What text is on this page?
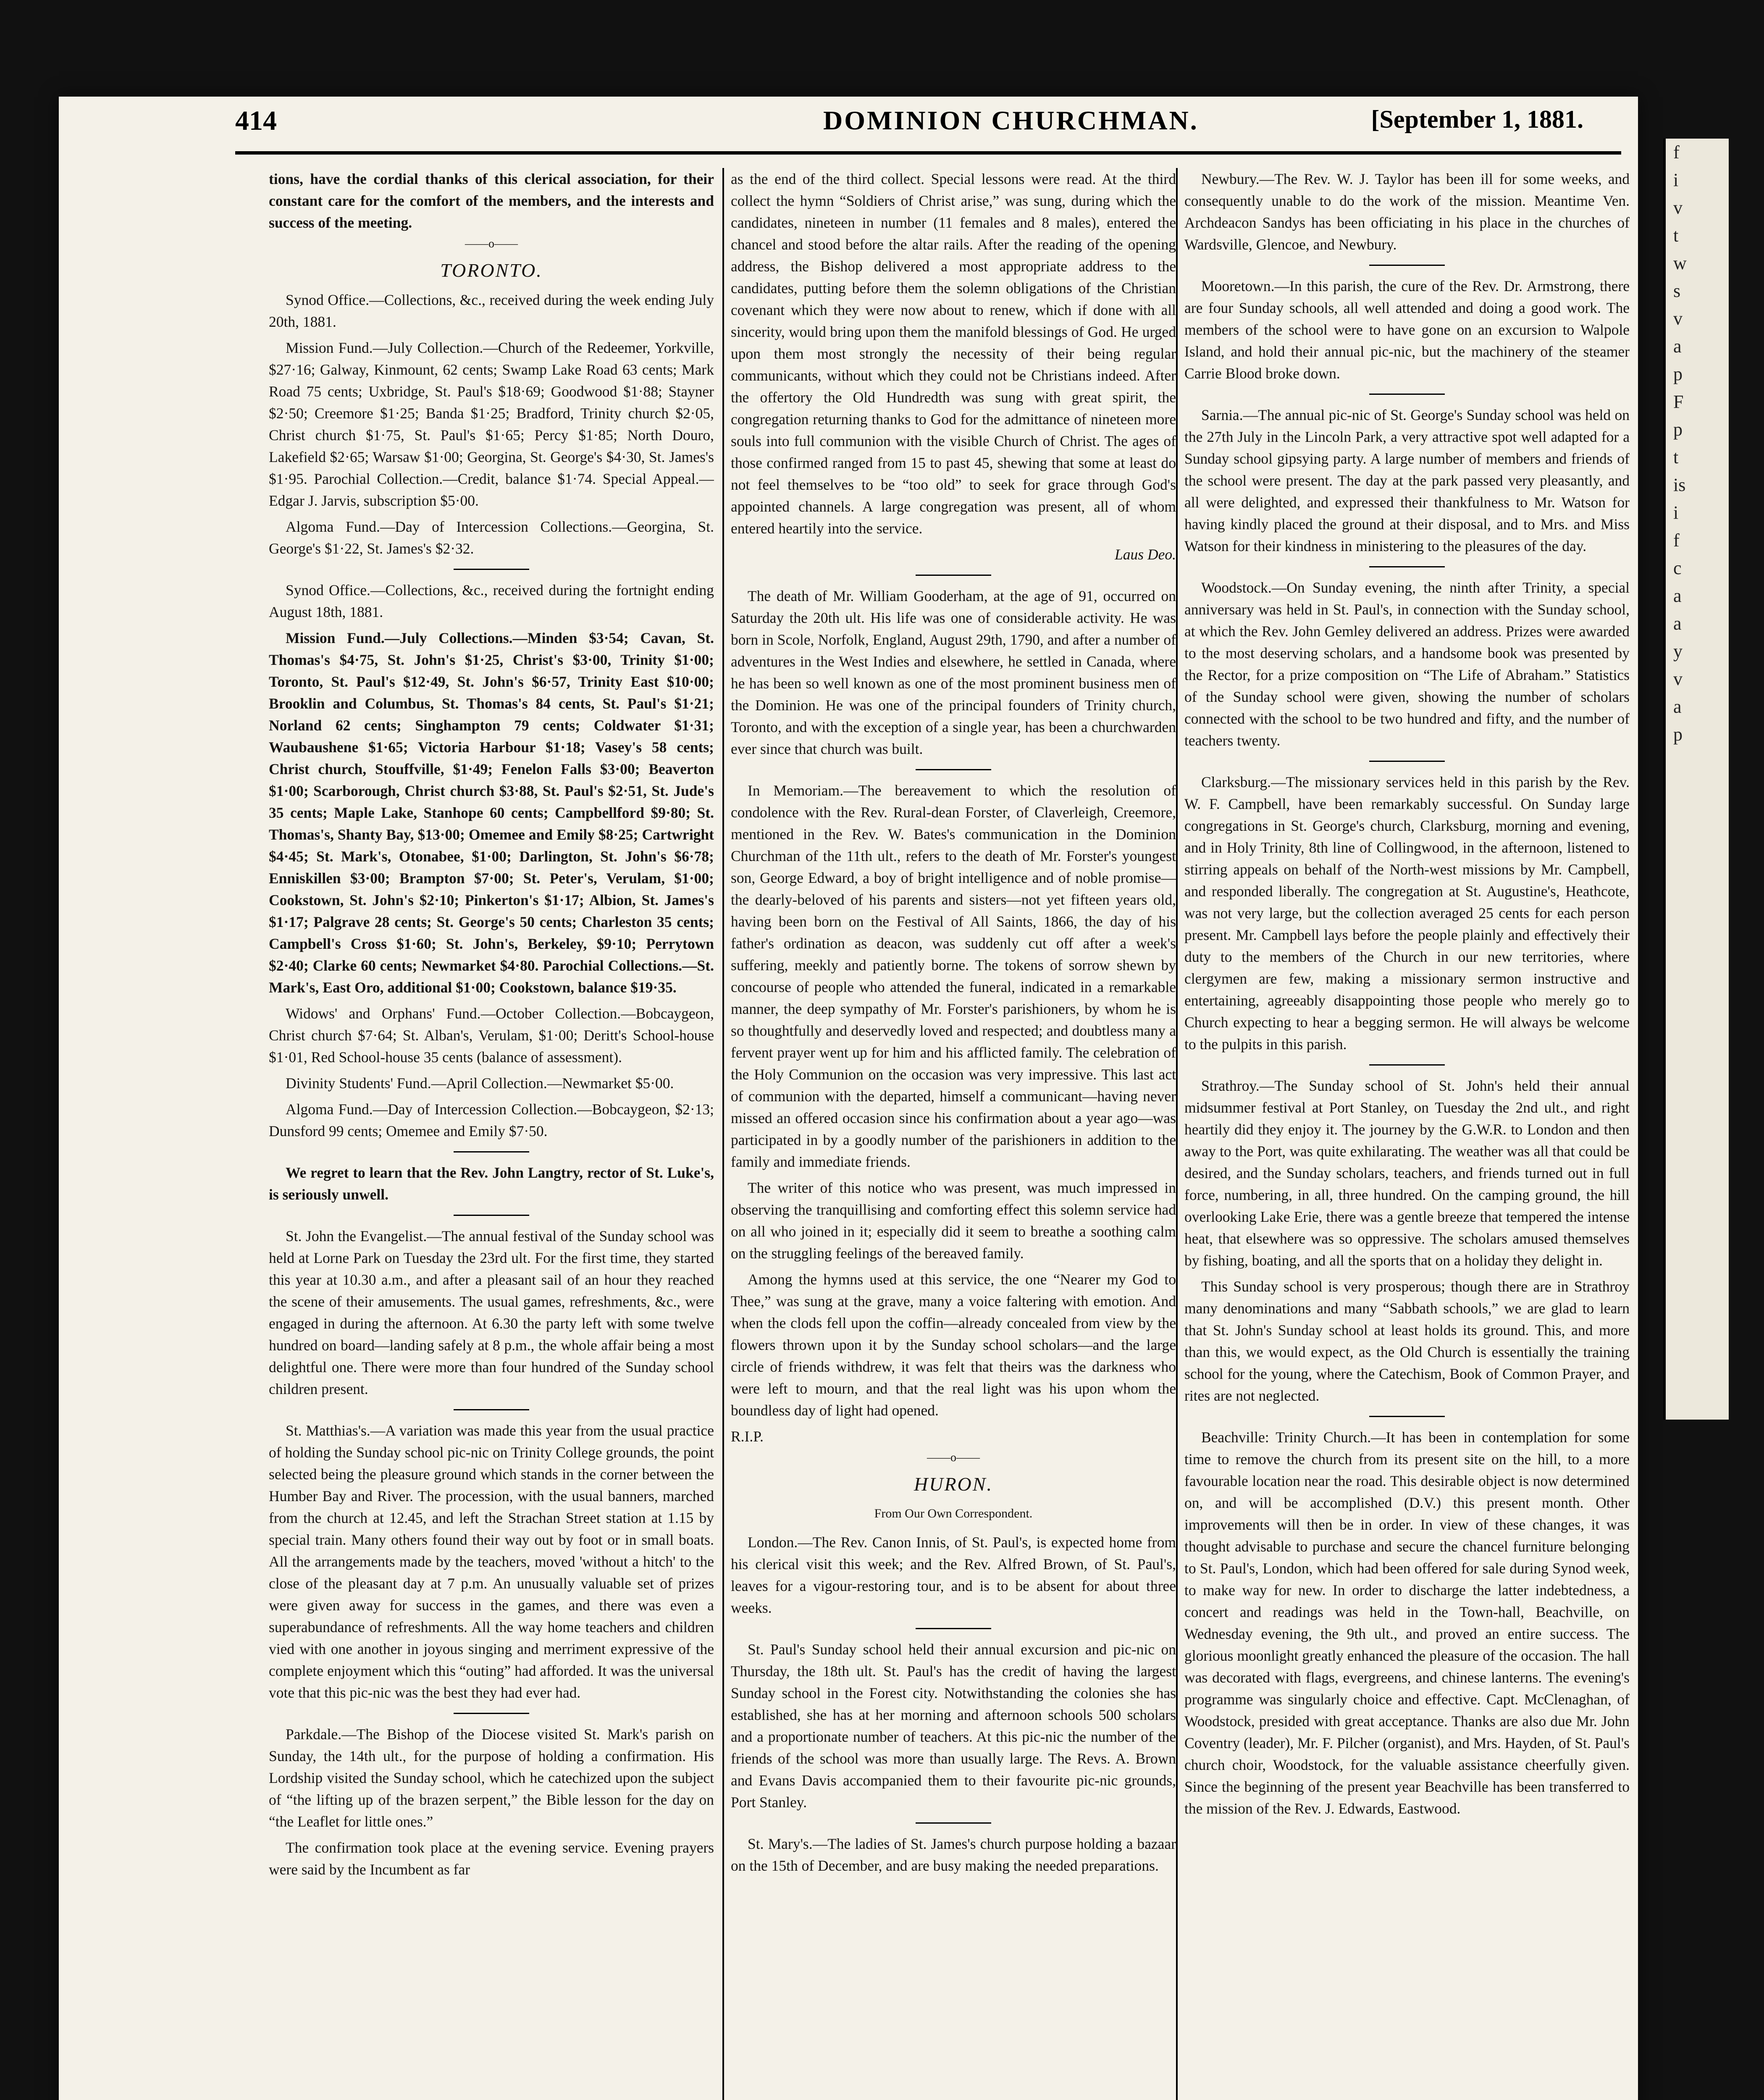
f
i
v
t
w
s
v
a
p
F
p
t
is
i
f
c
a
a
y
v
a
p
414	DOMINION CHURCHMAN.	[September 1, 1881.

tions, have the cordial thanks of this clerical association, for their constant care for the comfort of the members, and the interests and success of the meeting.

——o——

TORONTO.

Synod Office.—Collections, &c., received during the week ending July 20th, 1881.

Mission Fund.—July Collection.—Church of the Redeemer, Yorkville, $27·16; Galway, Kinmount, 62 cents; Swamp Lake Road 63 cents; Mark Road 75 cents; Uxbridge, St. Paul's $18·69; Goodwood $1·88; Stayner $2·50; Creemore $1·25; Banda $1·25; Bradford, Trinity church $2·05, Christ church $1·75, St. Paul's $1·65; Percy $1·85; North Douro, Lakefield $2·65; Warsaw $1·00; Georgina, St. George's $4·30, St. James's $1·95. Parochial Collection.—Credit, balance $1·74. Special Appeal.—Edgar J. Jarvis, subscription $5·00.

Algoma Fund.—Day of Intercession Collections.—Georgina, St. George's $1·22, St. James's $2·32.

Synod Office.—Collections, &c., received during the fortnight ending August 18th, 1881.

Mission Fund.—July Collections.—Minden $3·54; Cavan, St. Thomas's $4·75, St. John's $1·25, Christ's $3·00, Trinity $1·00; Toronto, St. Paul's $12·49, St. John's $6·57, Trinity East $10·00; Brooklin and Columbus, St. Thomas's 84 cents, St. Paul's $1·21; Norland 62 cents; Singhampton 79 cents; Coldwater $1·31; Waubaushene $1·65; Victoria Harbour $1·18; Vasey's 58 cents; Christ church, Stouffville, $1·49; Fenelon Falls $3·00; Beaverton $1·00; Scarborough, Christ church $3·88, St. Paul's $2·51, St. Jude's 35 cents; Maple Lake, Stanhope 60 cents; Campbellford $9·80; St. Thomas's, Shanty Bay, $13·00; Omemee and Emily $8·25; Cartwright $4·45; St. Mark's, Otonabee, $1·00; Darlington, St. John's $6·78; Enniskillen $3·00; Brampton $7·00; St. Peter's, Verulam, $1·00; Cookstown, St. John's $2·10; Pinkerton's $1·17; Albion, St. James's $1·17; Palgrave 28 cents; St. George's 50 cents; Charleston 35 cents; Campbell's Cross $1·60; St. John's, Berkeley, $9·10; Perrytown $2·40; Clarke 60 cents; Newmarket $4·80. Parochial Collections.—St. Mark's, East Oro, additional $1·00; Cookstown, balance $19·35.

Widows' and Orphans' Fund.—October Collection.—Bobcaygeon, Christ church $7·64; St. Alban's, Verulam, $1·00; Deritt's School-house $1·01, Red School-house 35 cents (balance of assessment).

Divinity Students' Fund.—April Collection.—Newmarket $5·00.

Algoma Fund.—Day of Intercession Collection.—Bobcaygeon, $2·13; Dunsford 99 cents; Omemee and Emily $7·50.

We regret to learn that the Rev. John Langtry, rector of St. Luke's, is seriously unwell.

St. John the Evangelist.—The annual festival of the Sunday school was held at Lorne Park on Tuesday the 23rd ult. For the first time, they started this year at 10.30 a.m., and after a pleasant sail of an hour they reached the scene of their amusements. The usual games, refreshments, &c., were engaged in during the afternoon. At 6.30 the party left with some twelve hundred on board—landing safely at 8 p.m., the whole affair being a most delightful one. There were more than four hundred of the Sunday school children present.

St. Matthias's.—A variation was made this year from the usual practice of holding the Sunday school pic-nic on Trinity College grounds, the point selected being the pleasure ground which stands in the corner between the Humber Bay and River. The procession, with the usual banners, marched from the church at 12.45, and left the Strachan Street station at 1.15 by special train. Many others found their way out by foot or in small boats. All the arrangements made by the teachers, moved 'without a hitch' to the close of the pleasant day at 7 p.m. An unusually valuable set of prizes were given away for success in the games, and there was even a superabundance of refreshments. All the way home teachers and children vied with one another in joyous singing and merriment expressive of the complete enjoyment which this “outing” had afforded. It was the universal vote that this pic-nic was the best they had ever had.

Parkdale.—The Bishop of the Diocese visited St. Mark's parish on Sunday, the 14th ult., for the purpose of holding a confirmation. His Lordship visited the Sunday school, which he catechized upon the subject of “the lifting up of the brazen serpent,” the Bible lesson for the day on “the Leaflet for little ones.”

The confirmation took place at the evening service. Evening prayers were said by the Incumbent as far

as the end of the third collect. Special lessons were read. At the third collect the hymn “Soldiers of Christ arise,” was sung, during which the candidates, nineteen in number (11 females and 8 males), entered the chancel and stood before the altar rails. After the reading of the opening address, the Bishop delivered a most appropriate address to the candidates, putting before them the solemn obligations of the Christian covenant which they were now about to renew, which if done with all sincerity, would bring upon them the manifold blessings of God. He urged upon them most strongly the necessity of their being regular communicants, without which they could not be Christians indeed. After the offertory the Old Hundredth was sung with great spirit, the congregation returning thanks to God for the admittance of nineteen more souls into full communion with the visible Church of Christ. The ages of those confirmed ranged from 15 to past 45, shewing that some at least do not feel themselves to be “too old” to seek for grace through God's appointed channels. A large congregation was present, all of whom entered heartily into the service.

Laus Deo.

The death of Mr. William Gooderham, at the age of 91, occurred on Saturday the 20th ult. His life was one of considerable activity. He was born in Scole, Norfolk, England, August 29th, 1790, and after a number of adventures in the West Indies and elsewhere, he settled in Canada, where he has been so well known as one of the most prominent business men of the Dominion. He was one of the principal founders of Trinity church, Toronto, and with the exception of a single year, has been a churchwarden ever since that church was built.

In Memoriam.—The bereavement to which the resolution of condolence with the Rev. Rural-dean Forster, of Claverleigh, Creemore, mentioned in the Rev. W. Bates's communication in the Dominion Churchman of the 11th ult., refers to the death of Mr. Forster's youngest son, George Edward, a boy of bright intelligence and of noble promise—the dearly-beloved of his parents and sisters—not yet fifteen years old, having been born on the Festival of All Saints, 1866, the day of his father's ordination as deacon, was suddenly cut off after a week's suffering, meekly and patiently borne. The tokens of sorrow shewn by concourse of people who attended the funeral, indicated in a remarkable manner, the deep sympathy of Mr. Forster's parishioners, by whom he is so thoughtfully and deservedly loved and respected; and doubtless many a fervent prayer went up for him and his afflicted family. The celebration of the Holy Communion on the occasion was very impressive. This last act of communion with the departed, himself a communicant—having never missed an offered occasion since his confirmation about a year ago—was participated in by a goodly number of the parishioners in addition to the family and immediate friends.

The writer of this notice who was present, was much impressed in observing the tranquillising and comforting effect this solemn service had on all who joined in it; especially did it seem to breathe a soothing calm on the struggling feelings of the bereaved family.

Among the hymns used at this service, the one “Nearer my God to Thee,” was sung at the grave, many a voice faltering with emotion. And when the clods fell upon the coffin—already concealed from view by the flowers thrown upon it by the Sunday school scholars—and the large circle of friends withdrew, it was felt that theirs was the darkness who were left to mourn, and that the real light was his upon whom the boundless day of light had opened.

R.I.P.

——o——

HURON.

From Our Own Correspondent.

London.—The Rev. Canon Innis, of St. Paul's, is expected home from his clerical visit this week; and the Rev. Alfred Brown, of St. Paul's, leaves for a vigour-restoring tour, and is to be absent for about three weeks.

St. Paul's Sunday school held their annual excursion and pic-nic on Thursday, the 18th ult. St. Paul's has the credit of having the largest Sunday school in the Forest city. Notwithstanding the colonies she has established, she has at her morning and afternoon schools 500 scholars and a proportionate number of teachers. At this pic-nic the number of the friends of the school was more than usually large. The Revs. A. Brown and Evans Davis accompanied them to their favourite pic-nic grounds, Port Stanley.

St. Mary's.—The ladies of St. James's church purpose holding a bazaar on the 15th of December, and are busy making the needed preparations.

Newbury.—The Rev. W. J. Taylor has been ill for some weeks, and consequently unable to do the work of the mission. Meantime Ven. Archdeacon Sandys has been officiating in his place in the churches of Wardsville, Glencoe, and Newbury.

Mooretown.—In this parish, the cure of the Rev. Dr. Armstrong, there are four Sunday schools, all well attended and doing a good work. The members of the school were to have gone on an excursion to Walpole Island, and hold their annual pic-nic, but the machinery of the steamer Carrie Blood broke down.

Sarnia.—The annual pic-nic of St. George's Sunday school was held on the 27th July in the Lincoln Park, a very attractive spot well adapted for a Sunday school gipsying party. A large number of members and friends of the school were present. The day at the park passed very pleasantly, and all were delighted, and expressed their thankfulness to Mr. Watson for having kindly placed the ground at their disposal, and to Mrs. and Miss Watson for their kindness in ministering to the pleasures of the day.

Woodstock.—On Sunday evening, the ninth after Trinity, a special anniversary was held in St. Paul's, in connection with the Sunday school, at which the Rev. John Gemley delivered an address. Prizes were awarded to the most deserving scholars, and a handsome book was presented by the Rector, for a prize composition on “The Life of Abraham.” Statistics of the Sunday school were given, showing the number of scholars connected with the school to be two hundred and fifty, and the number of teachers twenty.

Clarksburg.—The missionary services held in this parish by the Rev. W. F. Campbell, have been remarkably successful. On Sunday large congregations in St. George's church, Clarksburg, morning and evening, and in Holy Trinity, 8th line of Collingwood, in the afternoon, listened to stirring appeals on behalf of the North-west missions by Mr. Campbell, and responded liberally. The congregation at St. Augustine's, Heathcote, was not very large, but the collection averaged 25 cents for each person present. Mr. Campbell lays before the people plainly and effectively their duty to the members of the Church in our new territories, where clergymen are few, making a missionary sermon instructive and entertaining, agreeably disappointing those people who merely go to Church expecting to hear a begging sermon. He will always be welcome to the pulpits in this parish.

Strathroy.—The Sunday school of St. John's held their annual midsummer festival at Port Stanley, on Tuesday the 2nd ult., and right heartily did they enjoy it. The journey by the G.W.R. to London and then away to the Port, was quite exhilarating. The weather was all that could be desired, and the Sunday scholars, teachers, and friends turned out in full force, numbering, in all, three hundred. On the camping ground, the hill overlooking Lake Erie, there was a gentle breeze that tempered the intense heat, that elsewhere was so oppressive. The scholars amused themselves by fishing, boating, and all the sports that on a holiday they delight in.

This Sunday school is very prosperous; though there are in Strathroy many denominations and many “Sabbath schools,” we are glad to learn that St. John's Sunday school at least holds its ground. This, and more than this, we would expect, as the Old Church is essentially the training school for the young, where the Catechism, Book of Common Prayer, and rites are not neglected.

Beachville: Trinity Church.—It has been in contemplation for some time to remove the church from its present site on the hill, to a more favourable location near the road. This desirable object is now determined on, and will be accomplished (D.V.) this present month. Other improvements will then be in order. In view of these changes, it was thought advisable to purchase and secure the chancel furniture belonging to St. Paul's, London, which had been offered for sale during Synod week, to make way for new. In order to discharge the latter indebtedness, a concert and readings was held in the Town-hall, Beachville, on Wednesday evening, the 9th ult., and proved an entire success. The glorious moonlight greatly enhanced the pleasure of the occasion. The hall was decorated with flags, evergreens, and chinese lanterns. The evening's programme was singularly choice and effective. Capt. McClenaghan, of Woodstock, presided with great acceptance. Thanks are also due Mr. John Coventry (leader), Mr. F. Pilcher (organist), and Mrs. Hayden, of St. Paul's church choir, Woodstock, for the valuable assistance cheerfully given. Since the beginning of the present year Beachville has been transferred to the mission of the Rev. J. Edwards, Eastwood.
